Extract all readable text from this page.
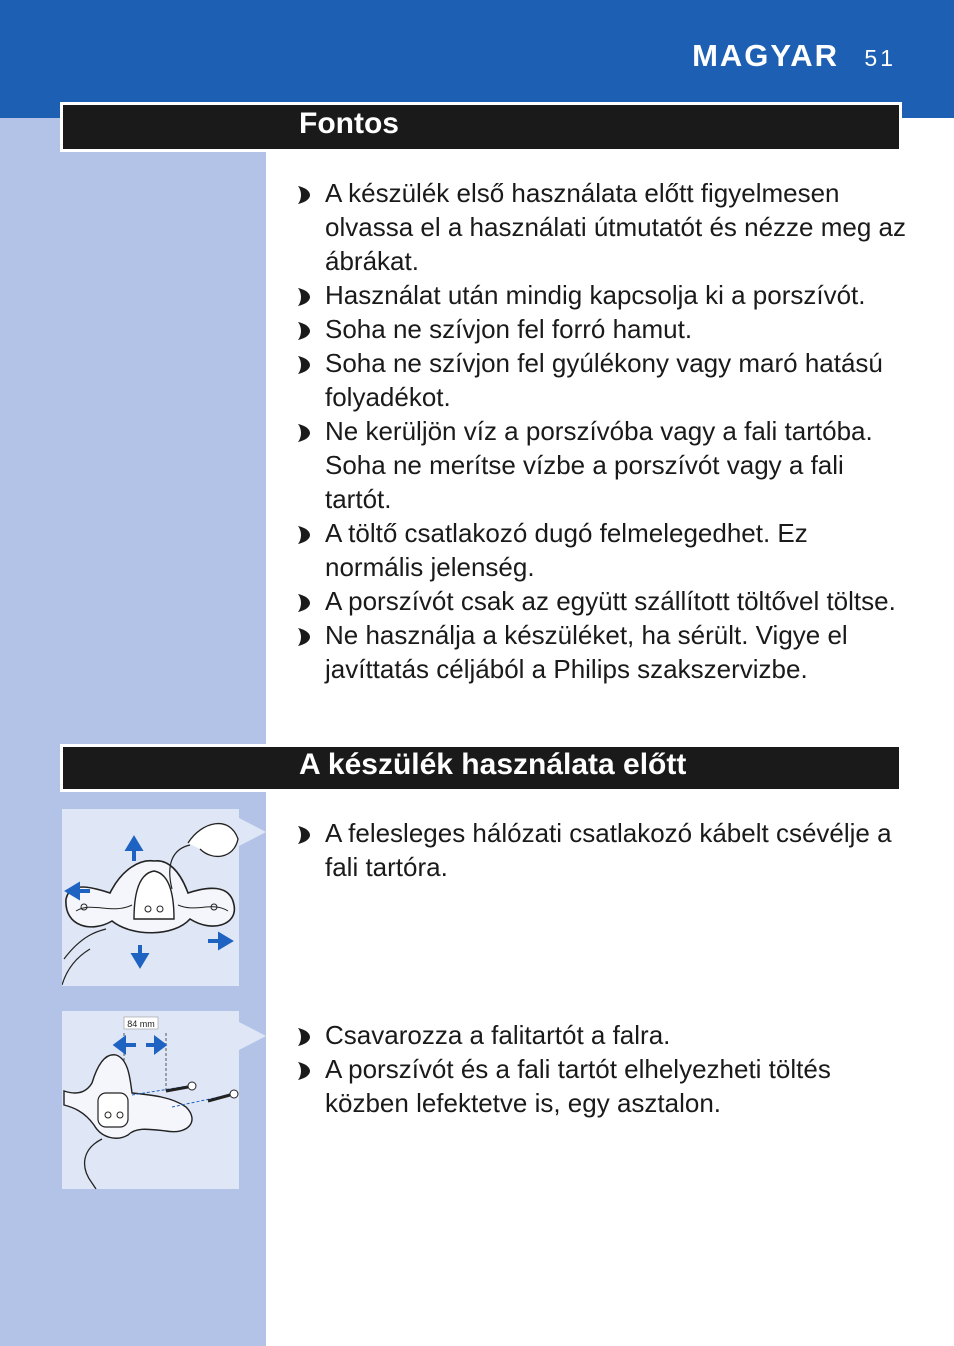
MAGYAR 51
Fontos
A készülék első használata előtt figyelmesen olvassa el a használati útmutatót és nézze meg az ábrákat.
Használat után mindig kapcsolja ki a porszívót.
Soha ne szívjon fel forró hamut.
Soha ne szívjon fel gyúlékony vagy maró hatású folyadékot.
Ne kerüljön víz a porszívóba vagy a fali tartóba. Soha ne merítse vízbe a porszívót vagy a fali tartót.
A töltő csatlakozó dugó felmelegedhet. Ez normális jelenség.
A porszívót csak az együtt szállított töltővel töltse.
Ne használja a készüléket, ha sérült. Vigye el javíttatás céljából a Philips szakszervizbe.
A készülék használata előtt
A felesleges hálózati csatlakozó kábelt csévélje a fali tartóra.
84 mm	Csavarozza a falitartót a falra.
A porszívót és a fali tartót elhelyezheti töltés közben lefektetve is, egy asztalon.
